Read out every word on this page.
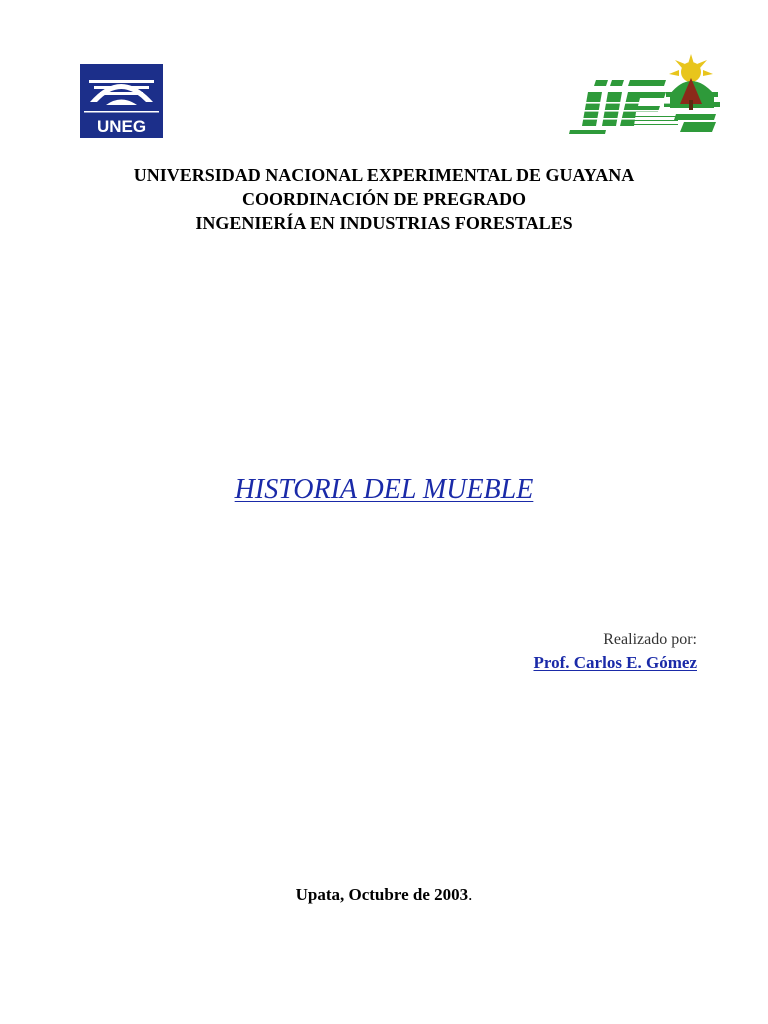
UNEG
UNIVERSIDAD NACIONAL EXPERIMENTAL DE GUAYANA
COORDINACIÓN DE PREGRADO
INGENIERÍA EN INDUSTRIAS FORESTALES
HISTORIA DEL MUEBLE
Realizado por:
Prof. Carlos E. Gómez
Upata, Octubre de 2003.
